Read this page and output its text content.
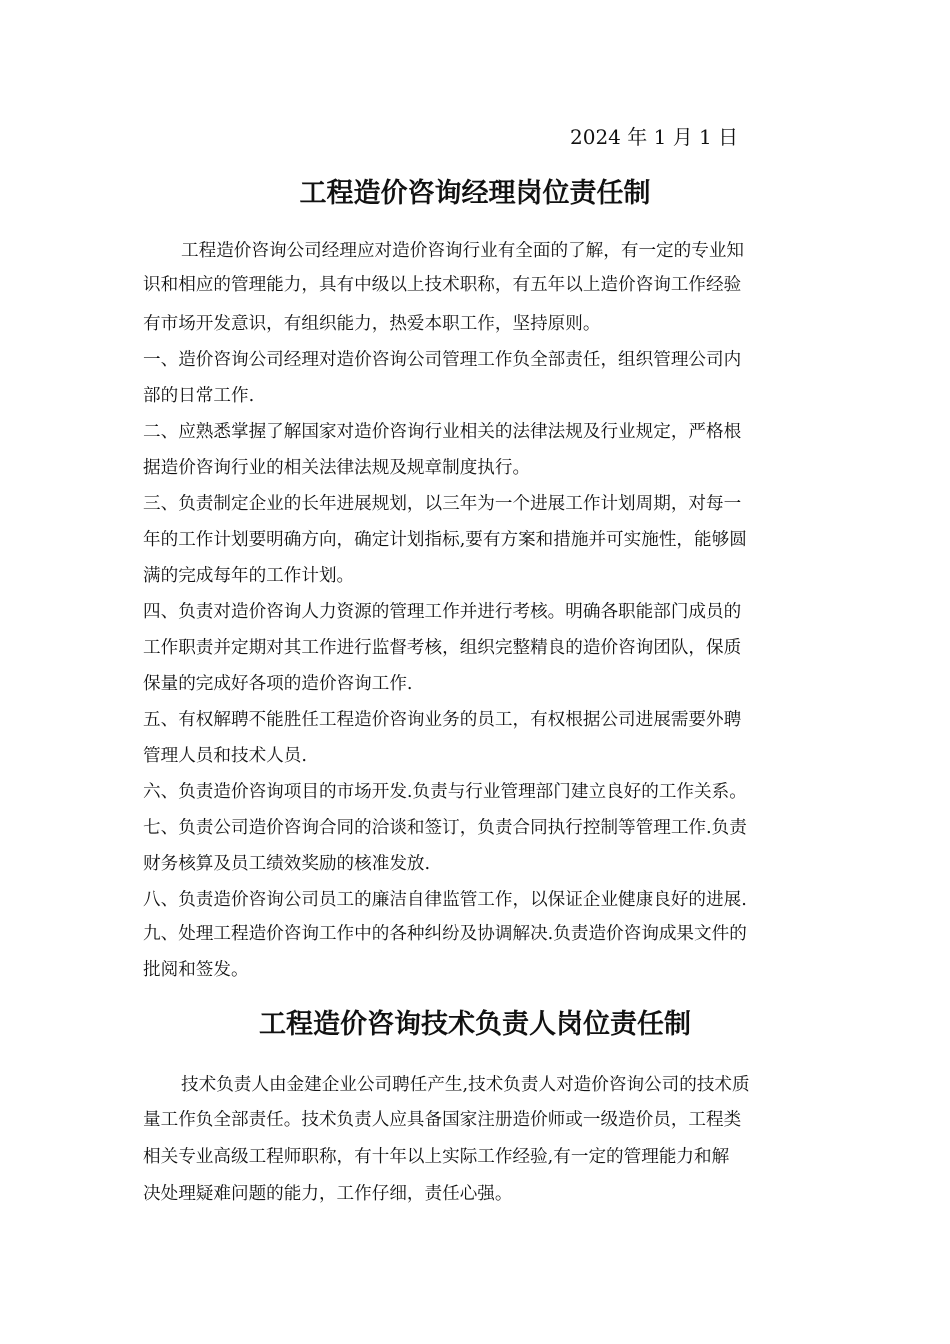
2024 年 1 月 1 日
工程造价咨询经理岗位责任制
工程造价咨询公司经理应对造价咨询行业有全面的了解，有一定的专业知
识和相应的管理能力，具有中级以上技术职称，有五年以上造价咨询工作经验
有市场开发意识，有组织能力，热爱本职工作，坚持原则。
一、造价咨询公司经理对造价咨询公司管理工作负全部责任，组织管理公司内
部的日常工作.
二、应熟悉掌握了解国家对造价咨询行业相关的法律法规及行业规定，严格根
据造价咨询行业的相关法律法规及规章制度执行。
三、负责制定企业的长年进展规划，以三年为一个进展工作计划周期，对每一
年的工作计划要明确方向，确定计划指标,要有方案和措施并可实施性，能够圆
满的完成每年的工作计划。
四、负责对造价咨询人力资源的管理工作并进行考核。明确各职能部门成员的
工作职责并定期对其工作进行监督考核，组织完整精良的造价咨询团队，保质
保量的完成好各项的造价咨询工作.
五、有权解聘不能胜任工程造价咨询业务的员工，有权根据公司进展需要外聘
管理人员和技术人员.
六、负责造价咨询项目的市场开发.负责与行业管理部门建立良好的工作关系。
七、负责公司造价咨询合同的洽谈和签订，负责合同执行控制等管理工作.负责
财务核算及员工绩效奖励的核准发放.
八、负责造价咨询公司员工的廉洁自律监管工作，以保证企业健康良好的进展.
九、处理工程造价咨询工作中的各种纠纷及协调解决.负责造价咨询成果文件的
批阅和签发。
工程造价咨询技术负责人岗位责任制
技术负责人由金建企业公司聘任产生,技术负责人对造价咨询公司的技术质
量工作负全部责任。技术负责人应具备国家注册造价师或一级造价员，工程类
相关专业高级工程师职称，有十年以上实际工作经验,有一定的管理能力和解
决处理疑难问题的能力，工作仔细，责任心强。
